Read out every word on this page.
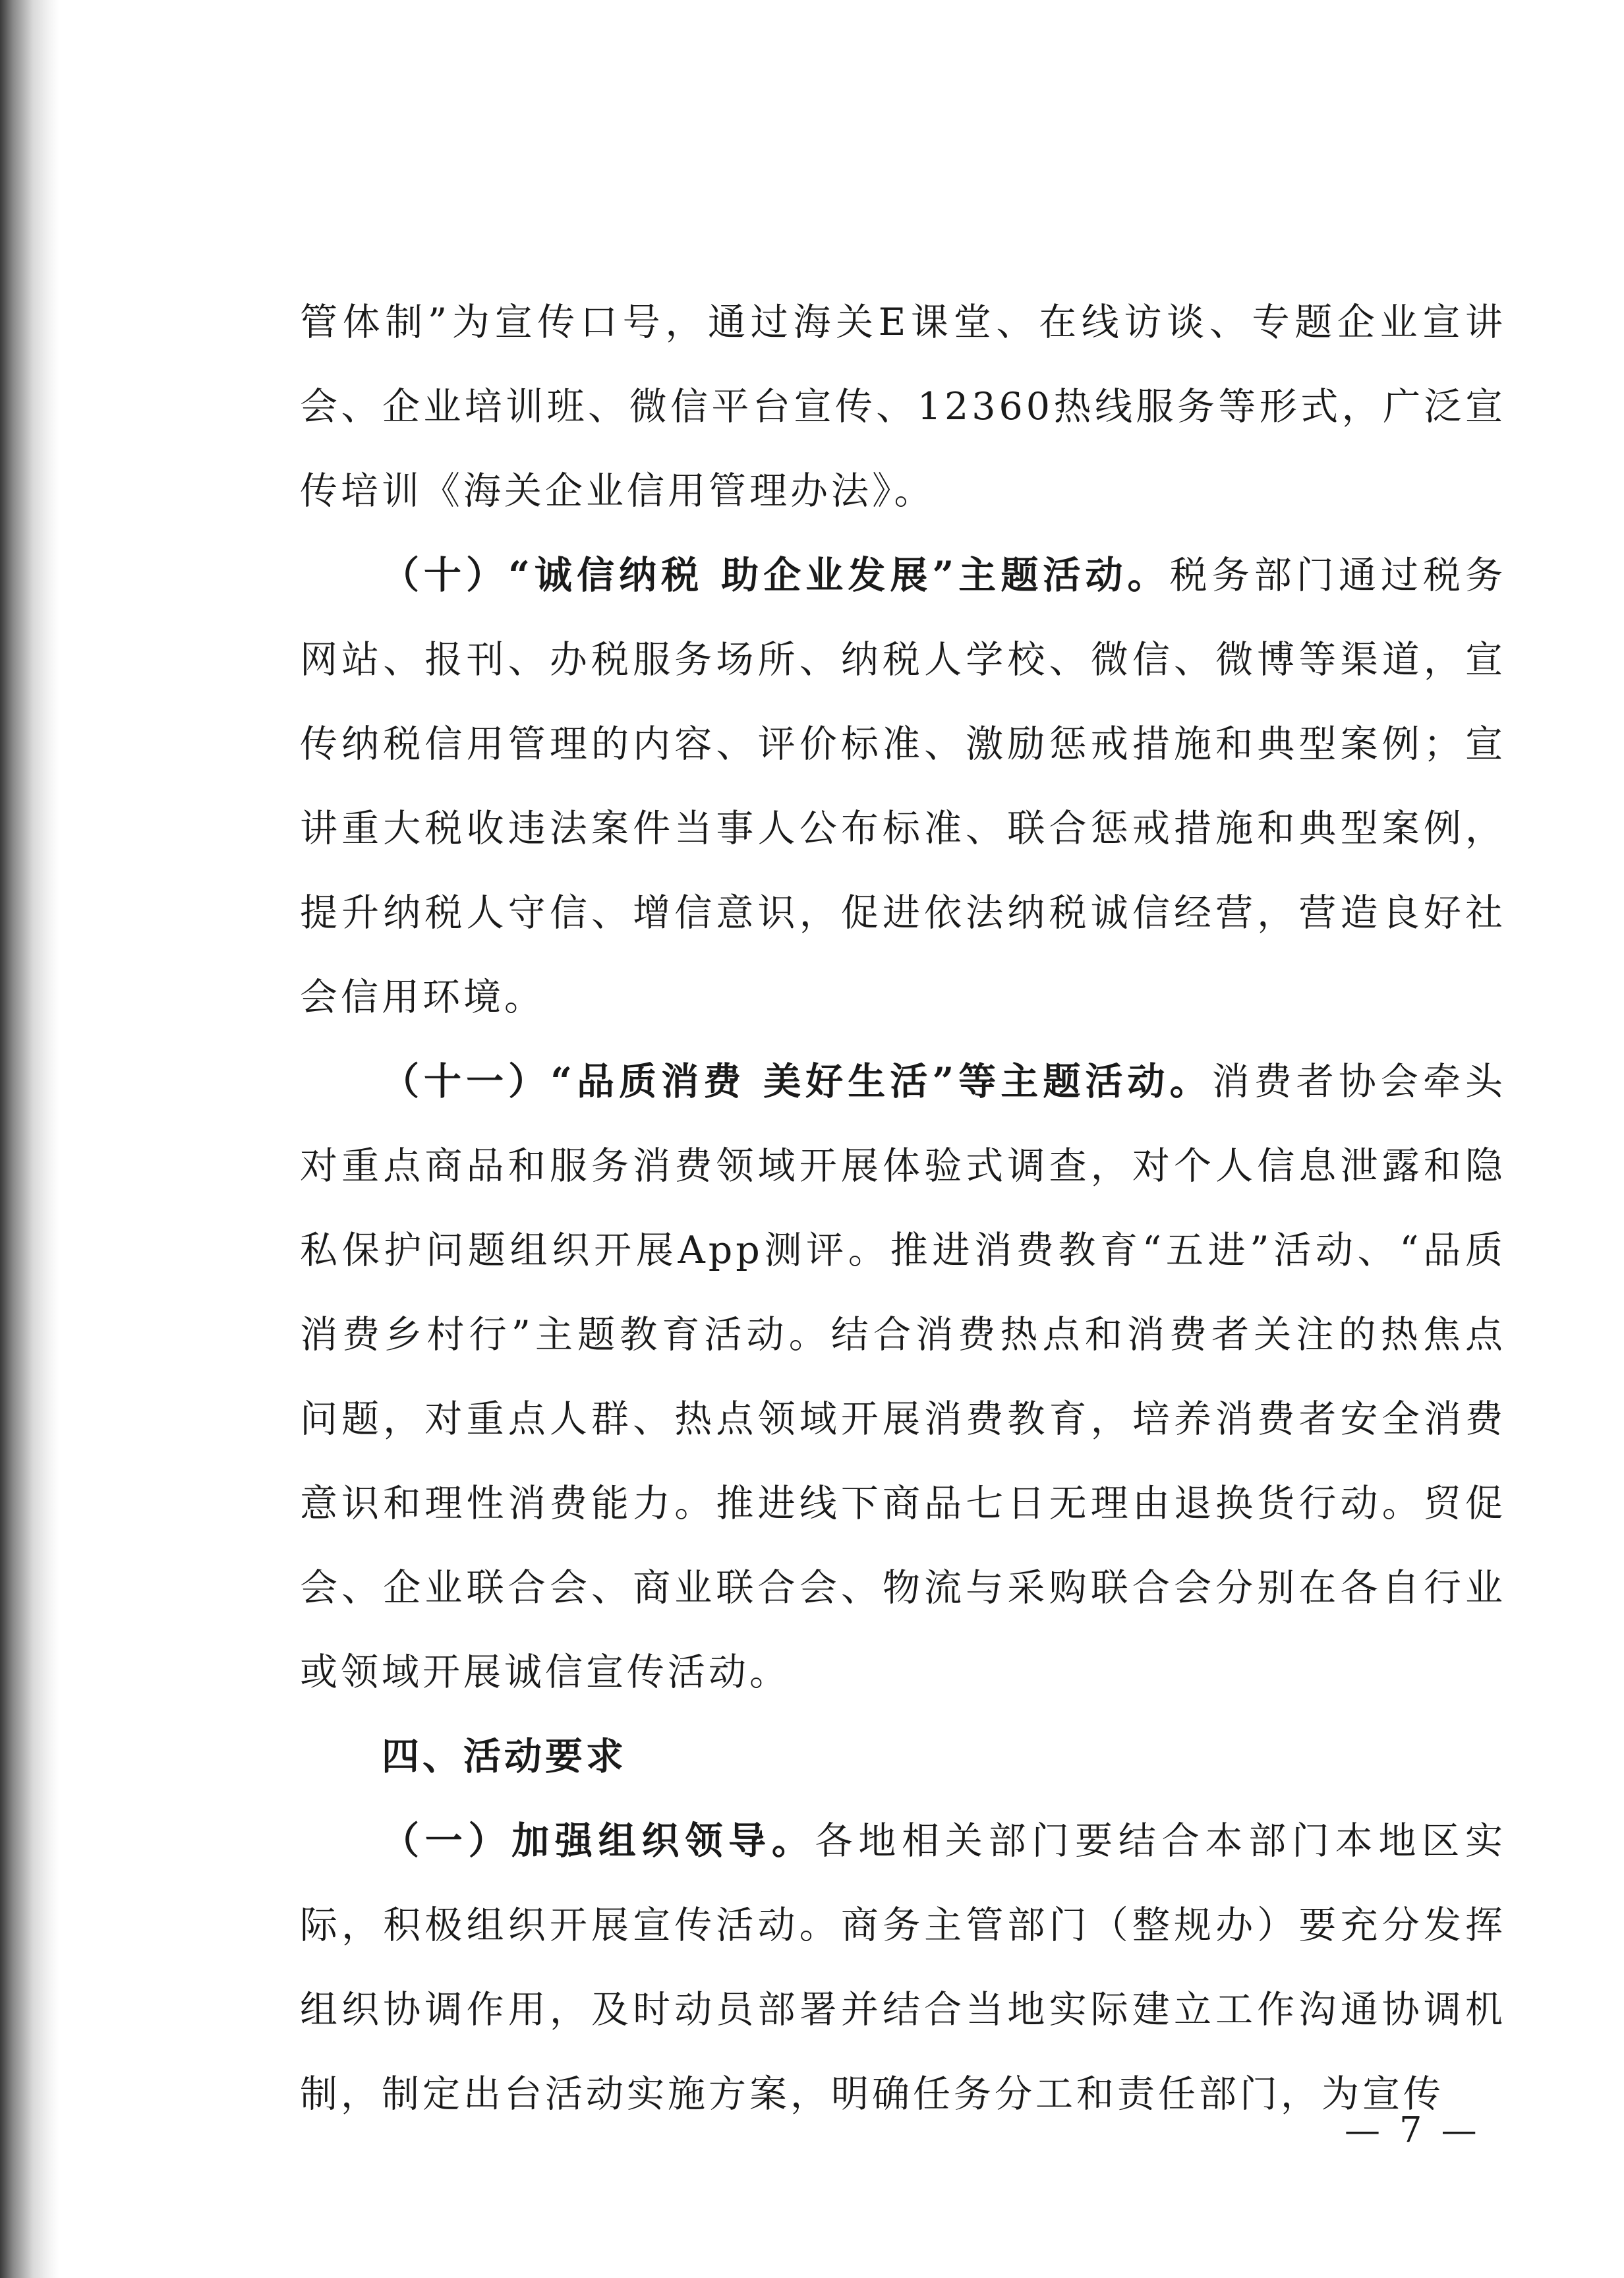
管体制”为宣传口号，通过海关E课堂、在线访谈、专题企业宣讲会、企业培训班、微信平台宣传、12360热线服务等形式，广泛宣传培训《海关企业信用管理办法》。

（十）“诚信纳税 助企业发展”主题活动。税务部门通过税务网站、报刊、办税服务场所、纳税人学校、微信、微博等渠道，宣传纳税信用管理的内容、评价标准、激励惩戒措施和典型案例；宣讲重大税收违法案件当事人公布标准、联合惩戒措施和典型案例，提升纳税人守信、增信意识，促进依法纳税诚信经营，营造良好社会信用环境。

（十一）“品质消费 美好生活”等主题活动。消费者协会牵头对重点商品和服务消费领域开展体验式调查，对个人信息泄露和隐私保护问题组织开展App测评。推进消费教育“五进”活动、“品质消费乡村行”主题教育活动。结合消费热点和消费者关注的热焦点问题，对重点人群、热点领域开展消费教育，培养消费者安全消费意识和理性消费能力。推进线下商品七日无理由退换货行动。贸促会、企业联合会、商业联合会、物流与采购联合会分别在各自行业或领域开展诚信宣传活动。

四、活动要求

（一）加强组织领导。各地相关部门要结合本部门本地区实际，积极组织开展宣传活动。商务主管部门（整规办）要充分发挥组织协调作用，及时动员部署并结合当地实际建立工作沟通协调机制，制定出台活动实施方案，明确任务分工和责任部门，为宣传

— 7 —
